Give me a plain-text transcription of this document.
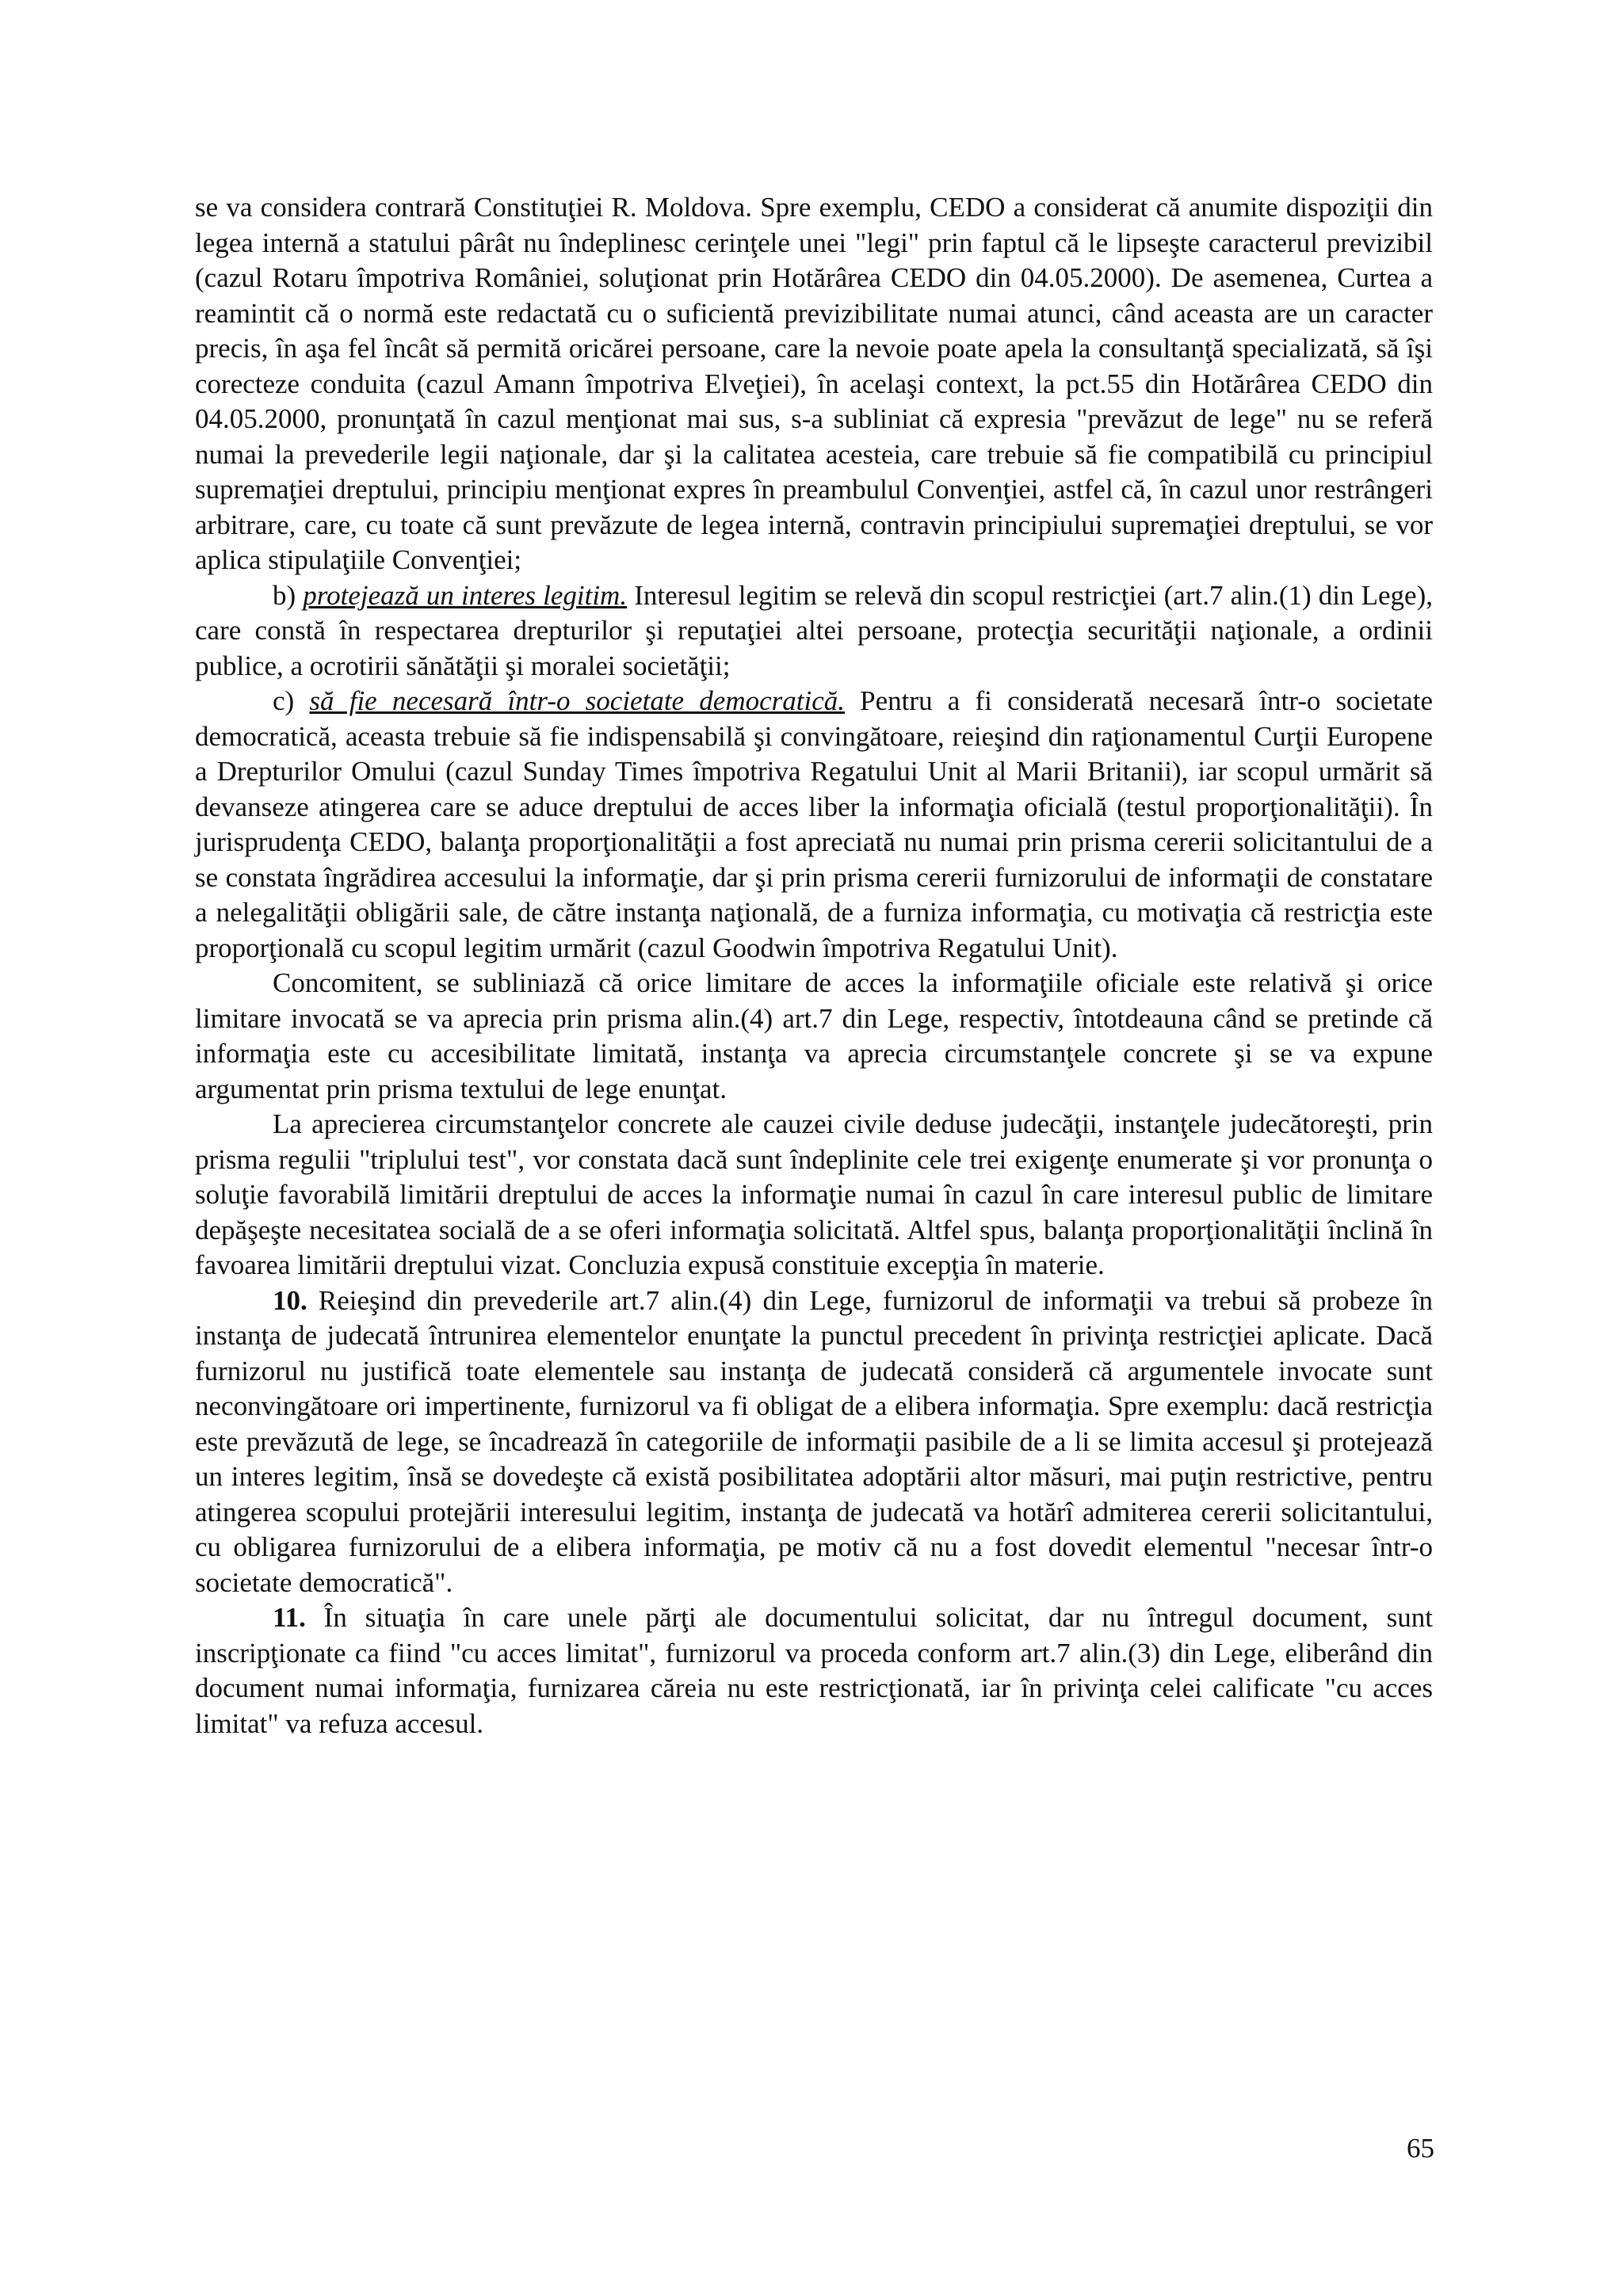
se va considera contrară Constituţiei R. Moldova. Spre exemplu, CEDO a considerat că anumite dispoziţii din legea internă a statului pârât nu îndeplinesc cerinţele unei "legi" prin faptul că le lipseşte caracterul previzibil (cazul Rotaru împotriva României, soluţionat prin Hotărârea CEDO din 04.05.2000). De asemenea, Curtea a reamintit că o normă este redactată cu o suficientă previzibilitate numai atunci, când aceasta are un caracter precis, în aşa fel încât să permită oricărei persoane, care la nevoie poate apela la consultanţă specializată, să îşi corecteze conduita (cazul Amann împotriva Elveţiei), în acelaşi context, la pct.55 din Hotărârea CEDO din 04.05.2000, pronunţată în cazul menţionat mai sus, s-a subliniat că expresia "prevăzut de lege" nu se referă numai la prevederile legii naţionale, dar şi la calitatea acesteia, care trebuie să fie compatibilă cu principiul supremaţiei dreptului, principiu menţionat expres în preambulul Convenţiei, astfel că, în cazul unor restrângeri arbitrare, care, cu toate că sunt prevăzute de legea internă, contravin principiului supremaţiei dreptului, se vor aplica stipulaţiile Convenţiei;

b) protejează un interes legitim. Interesul legitim se relevă din scopul restricţiei (art.7 alin.(1) din Lege), care constă în respectarea drepturilor şi reputaţiei altei persoane, protecţia securităţii naţionale, a ordinii publice, a ocrotirii sănătăţii şi moralei societăţii;

c) să fie necesară într-o societate democratică. Pentru a fi considerată necesară într-o societate democratică, aceasta trebuie să fie indispensabilă şi convingătoare, reieşind din raţionamentul Curţii Europene a Drepturilor Omului (cazul Sunday Times împotriva Regatului Unit al Marii Britanii), iar scopul urmărit să devanseze atingerea care se aduce dreptului de acces liber la informaţia oficială (testul proporţionalităţii). În jurisprudenţa CEDO, balanţa proporţionalităţii a fost apreciată nu numai prin prisma cererii solicitantului de a se constata îngrădirea accesului la informaţie, dar şi prin prisma cererii furnizorului de informaţii de constatare a nelegalităţii obligării sale, de către instanţa naţională, de a furniza informaţia, cu motivaţia că restricţia este proporţională cu scopul legitim urmărit (cazul Goodwin împotriva Regatului Unit).

Concomitent, se subliniază că orice limitare de acces la informaţiile oficiale este relativă şi orice limitare invocată se va aprecia prin prisma alin.(4) art.7 din Lege, respectiv, întotdeauna când se pretinde că informaţia este cu accesibilitate limitată, instanţa va aprecia circumstanţele concrete şi se va expune argumentat prin prisma textului de lege enunţat.

La aprecierea circumstanţelor concrete ale cauzei civile deduse judecăţii, instanţele judecătoreşti, prin prisma regulii "triplului test", vor constata dacă sunt îndeplinite cele trei exigenţe enumerate şi vor pronunţa o soluţie favorabilă limitării dreptului de acces la informaţie numai în cazul în care interesul public de limitare depăşeşte necesitatea socială de a se oferi informaţia solicitată. Altfel spus, balanţa proporţionalităţii înclină în favoarea limitării dreptului vizat. Concluzia expusă constituie excepţia în materie.

10. Reieşind din prevederile art.7 alin.(4) din Lege, furnizorul de informaţii va trebui să probeze în instanţa de judecată întrunirea elementelor enunţate la punctul precedent în privinţa restricţiei aplicate. Dacă furnizorul nu justifică toate elementele sau instanţa de judecată consideră că argumentele invocate sunt neconvingătoare ori impertinente, furnizorul va fi obligat de a elibera informaţia. Spre exemplu: dacă restricţia este prevăzută de lege, se încadrează în categoriile de informaţii pasibile de a li se limita accesul şi protejează un interes legitim, însă se dovedeşte că există posibilitatea adoptării altor măsuri, mai puţin restrictive, pentru atingerea scopului protejării interesului legitim, instanţa de judecată va hotărî admiterea cererii solicitantului, cu obligarea furnizorului de a elibera informaţia, pe motiv că nu a fost dovedit elementul "necesar într-o societate democratică".

11. În situaţia în care unele părţi ale documentului solicitat, dar nu întregul document, sunt inscripţionate ca fiind "cu acces limitat", furnizorul va proceda conform art.7 alin.(3) din Lege, eliberând din document numai informaţia, furnizarea căreia nu este restricţionată, iar în privinţa celei calificate "cu acces limitat" va refuza accesul.

65
